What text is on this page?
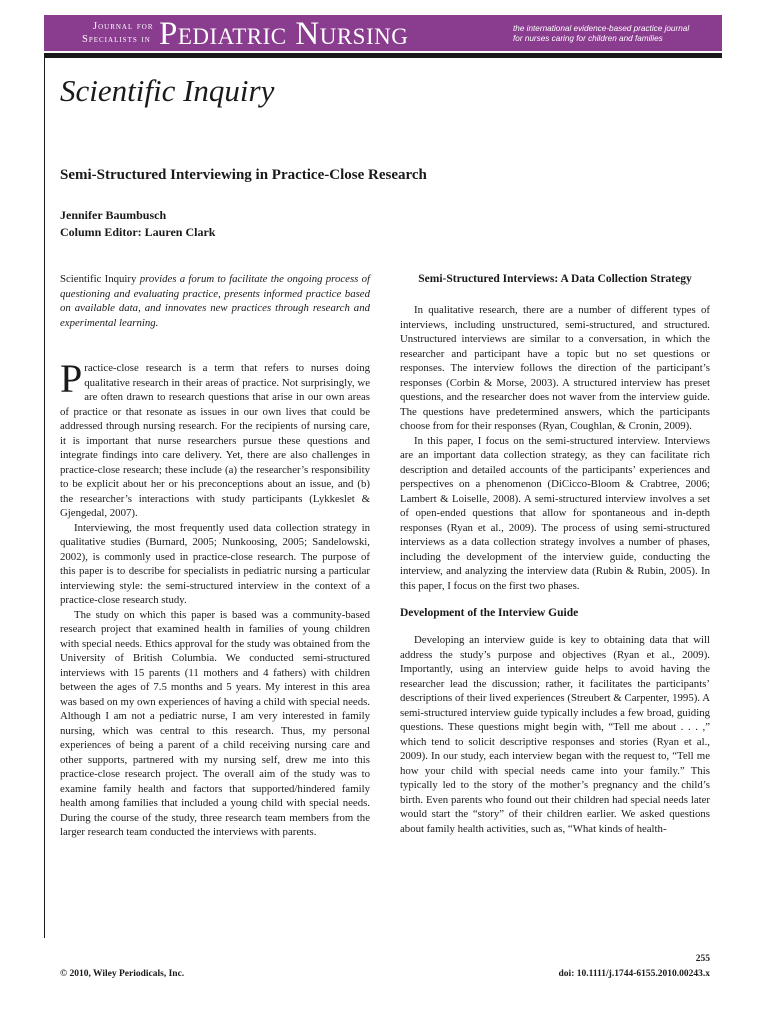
Journal for
Specialists in Pediatric Nursing	the international evidence-based practice journal
for nurses caring for children and families
Scientific Inquiry
Semi-Structured Interviewing in Practice-Close Research
Jennifer Baumbusch
Column Editor: Lauren Clark
Scientific Inquiry provides a forum to facilitate the ongoing process of questioning and evaluating practice, presents informed practice based on available data, and innovates new practices through research and experimental learning.

Practice-close research is a term that refers to nurses doing qualitative research in their areas of practice. Not surprisingly, we are often drawn to research questions that arise in our own areas of practice or that resonate as issues in our own lives that could be addressed through nursing research. For the recipients of nursing care, it is important that nurse researchers pursue these questions and integrate findings into care delivery. Yet, there are also challenges in practice-close research; these include (a) the researcher’s responsibility to be explicit about her or his preconceptions about an issue, and (b) the researcher’s interactions with study participants (Lykkeslet & Gjengedal, 2007).

Interviewing, the most frequently used data collection strategy in qualitative studies (Burnard, 2005; Nunkoosing, 2005; Sandelowski, 2002), is commonly used in practice-close research. The purpose of this paper is to describe for specialists in pediatric nursing a particular interviewing style: the semi-structured interview in the context of a practice-close research study.

The study on which this paper is based was a community-based research project that examined health in families of young children with special needs. Ethics approval for the study was obtained from the University of British Columbia. We conducted semi-structured interviews with 15 parents (11 mothers and 4 fathers) with children between the ages of 7.5 months and 5 years. My interest in this area was based on my own experiences of having a child with special needs. Although I am not a pediatric nurse, I am very interested in family nursing, which was central to this research. Thus, my personal experiences of being a parent of a child receiving nursing care and other supports, partnered with my nursing self, drew me into this practice-close research project. The overall aim of the study was to examine family health and factors that supported/hindered family health among families that included a young child with special needs. During the course of the study, three research team members from the larger research team conducted the interviews with parents.

Semi-Structured Interviews: A Data Collection Strategy

In qualitative research, there are a number of different types of interviews, including unstructured, semi-structured, and structured. Unstructured interviews are similar to a conversation, in which the researcher and participant have a topic but no set questions or responses. The interview follows the direction of the participant’s responses (Corbin & Morse, 2003). A structured interview has preset questions, and the researcher does not waver from the interview guide. The questions have predetermined answers, which the participants choose from for their responses (Ryan, Coughlan, & Cronin, 2009).

In this paper, I focus on the semi-structured interview. Interviews are an important data collection strategy, as they can facilitate rich description and detailed accounts of the participants’ experiences and perspectives on a phenomenon (DiCicco-Bloom & Crabtree, 2006; Lambert & Loiselle, 2008). A semi-structured interview involves a set of open-ended questions that allow for spontaneous and in-depth responses (Ryan et al., 2009). The process of using semi-structured interviews as a data collection strategy involves a number of phases, including the development of the interview guide, conducting the interview, and analyzing the interview data (Rubin & Rubin, 2005). In this paper, I focus on the first two phases.

Development of the Interview Guide

Developing an interview guide is key to obtaining data that will address the study’s purpose and objectives (Ryan et al., 2009). Importantly, using an interview guide helps to avoid having the researcher lead the discussion; rather, it facilitates the participants’ descriptions of their lived experiences (Streubert & Carpenter, 1995). A semi-structured interview guide typically includes a few broad, guiding questions. These questions might begin with, “Tell me about . . . ,” which tend to solicit descriptive responses and stories (Ryan et al., 2009). In our study, each interview began with the request to, “Tell me how your child with special needs came into your family.” This typically led to the story of the mother’s pregnancy and the child’s birth. Even parents who found out their children had special needs later would start the “story” of their children earlier. We asked questions about family health activities, such as, “What kinds of health-

255
© 2010, Wiley Periodicals, Inc.	doi: 10.1111/j.1744-6155.2010.00243.x
